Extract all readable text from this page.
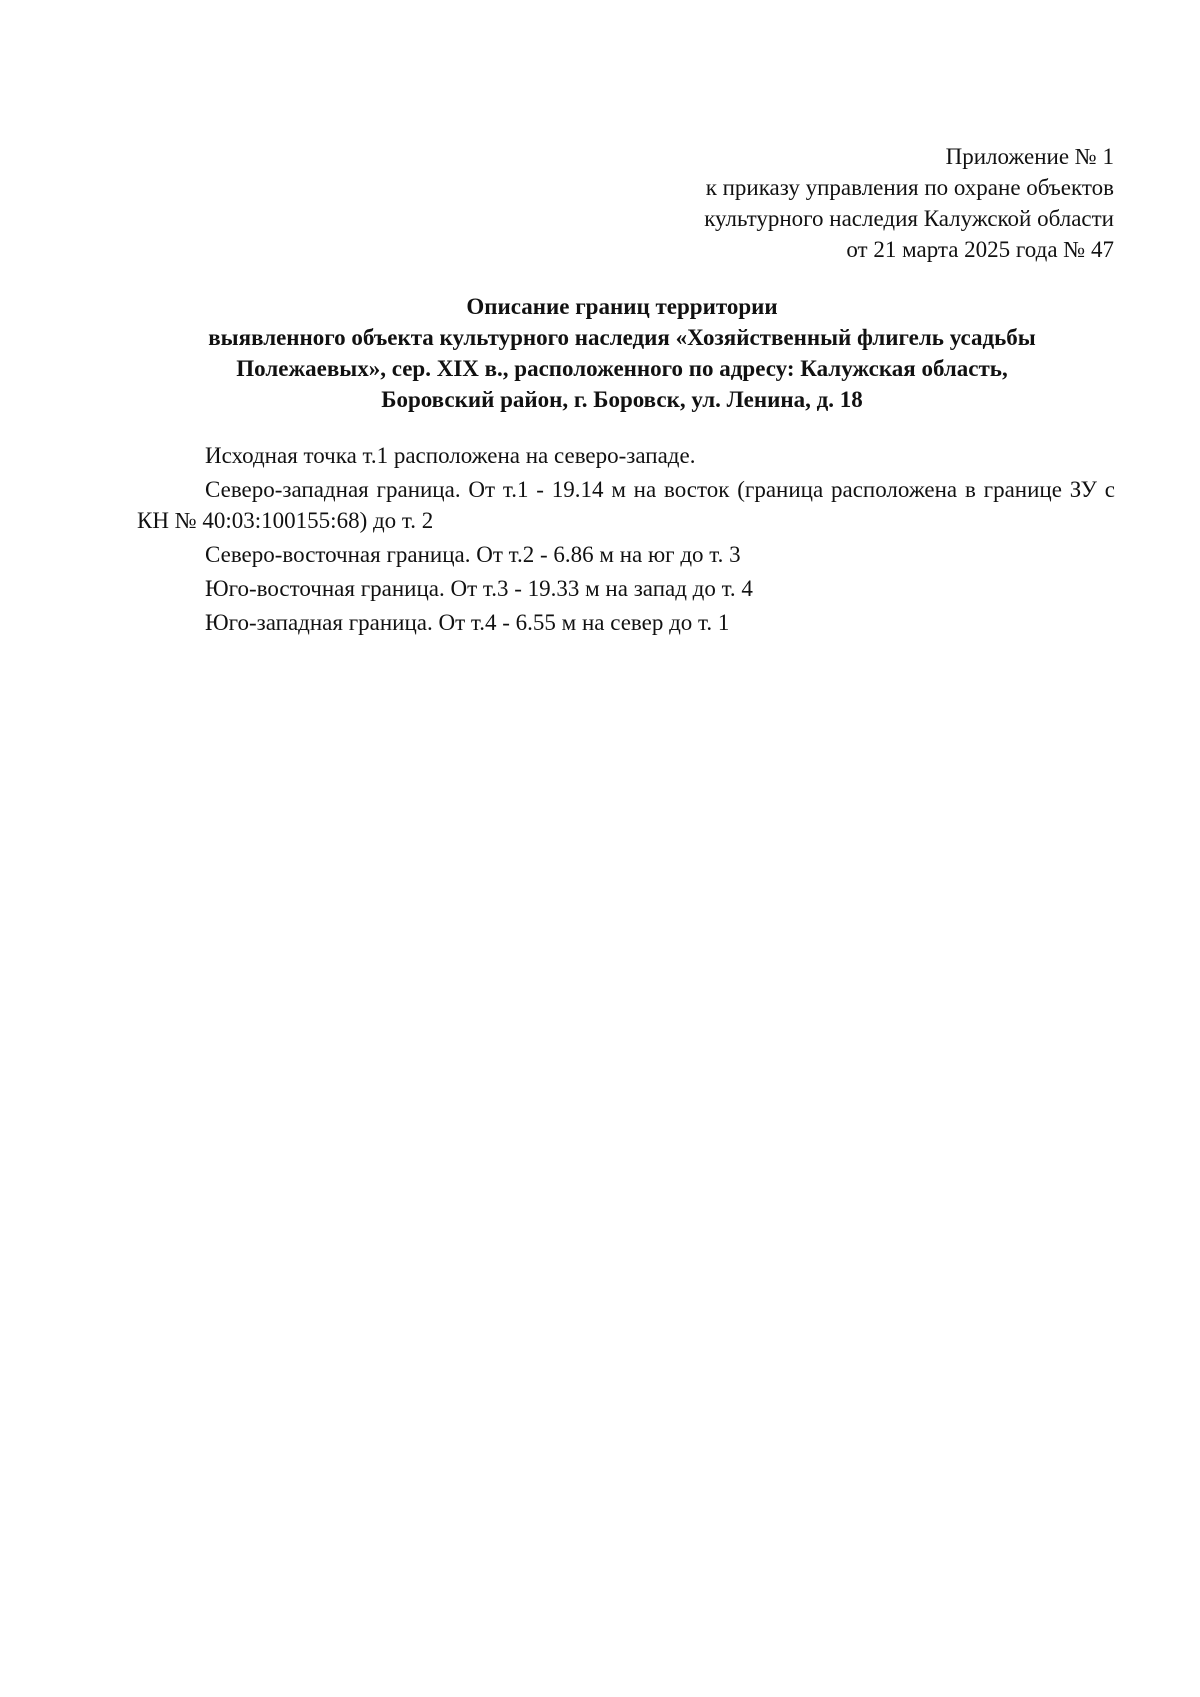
Приложение № 1
к приказу управления по охране объектов
культурного наследия Калужской области
от 21 марта 2025 года № 47
Описание границ территории
выявленного объекта культурного наследия «Хозяйственный флигель усадьбы
Полежаевых», сер. XIX в., расположенного по адресу: Калужская область,
Боровский район, г. Боровск, ул. Ленина, д. 18

Исходная точка т.1 расположена на северо-западе.

Северо-западная граница. От т.1 - 19.14 м на восток (граница расположена в границе ЗУ с КН № 40:03:100155:68) до т. 2

Северо-восточная граница. От т.2 - 6.86 м на юг до т. 3

Юго-восточная граница. От т.3 - 19.33 м на запад до т. 4

Юго-западная граница. От т.4 - 6.55 м на север до т. 1
